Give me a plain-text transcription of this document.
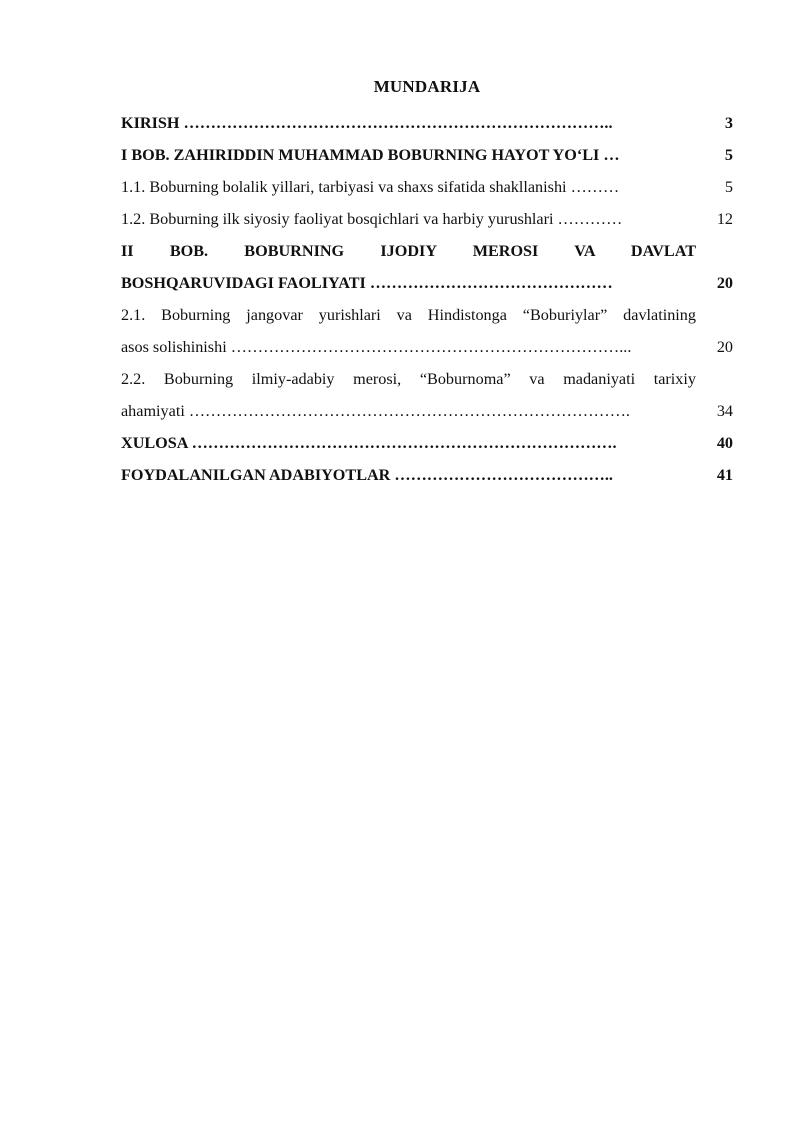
MUNDARIJA
KIRISH ……………………………………………………………………..	3
I BOB. ZAHIRIDDIN MUHAMMAD BOBURNING HAYOT YO‘LI …	5
1.1. Boburning bolalik yillari, tarbiyasi va shaxs sifatida shakllanishi ………	5
1.2. Boburning ilk siyosiy faoliyat bosqichlari va harbiy yurushlari …………	12
II BOB. BOBURNING IJODIY MEROSI VA DAVLAT
BOSHQARUVIDAGI FAOLIYATI ………………………………………	20
2.1. Boburning jangovar yurishlari va Hindistonga “Boburiylar” davlatining
asos solishinishi ………………………………………………………………...	20
2.2. Boburning ilmiy-adabiy merosi, “Boburnoma” va madaniyati tarixiy
ahamiyati ……………………………………………………………………….	34
XULOSA …………………………………………………………………….	40
FOYDALANILGAN ADABIYOTLAR …………………………………..	41
